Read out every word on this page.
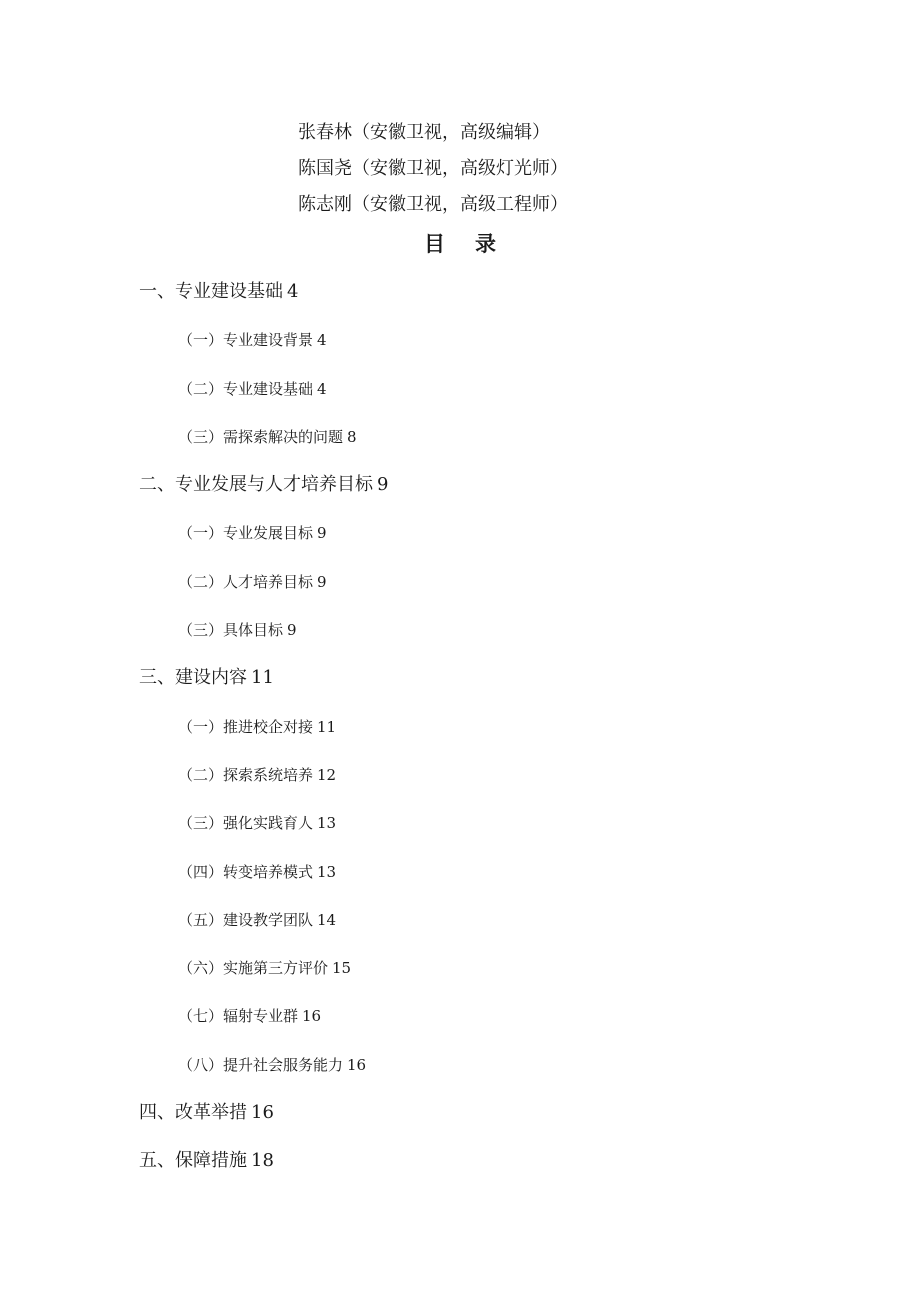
张春林（安徽卫视，高级编辑）
陈国尧（安徽卫视，高级灯光师）
陈志刚（安徽卫视，高级工程师）
目录
一、专业建设基础 4
（一）专业建设背景 4
（二）专业建设基础 4
（三）需探索解决的问题 8
二、专业发展与人才培养目标 9
（一）专业发展目标 9
（二）人才培养目标 9
（三）具体目标 9
三、建设内容 11
（一）推进校企对接 11
（二）探索系统培养 12
（三）强化实践育人 13
（四）转变培养模式 13
（五）建设教学团队 14
（六）实施第三方评价 15
（七）辐射专业群 16
（八）提升社会服务能力 16
四、改革举措 16
五、保障措施 18
